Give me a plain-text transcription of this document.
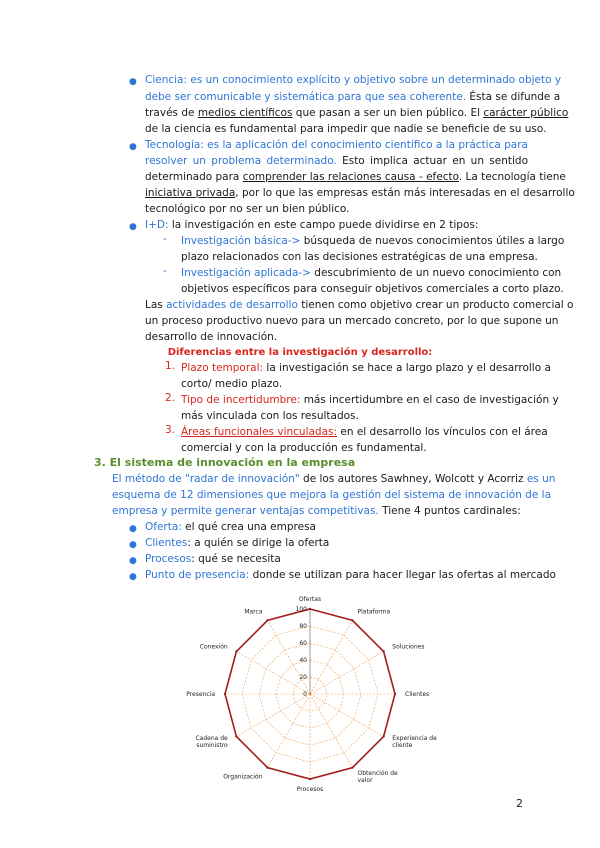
● Ciencia: es un conocimiento explícito y objetivo sobre un determinado objeto y
debe ser comunicable y sistemática para que sea coherente. Ésta se difunde a
través de medios científicos que pasan a ser un bien público. El carácter público
de la ciencia es fundamental para impedir que nadie se beneficie de su uso.
● Tecnología: es la aplicación del conocimiento científico a la práctica para
resolver un problema determinado. Esto implica actuar en un sentido
determinado para comprender las relaciones causa - efecto. La tecnología tiene
iniciativa privada, por lo que las empresas están más interesadas en el desarrollo
tecnológico por no ser un bien público.
● I+D: la investigación en este campo puede dividirse en 2 tipos:
- Investigación básica-> búsqueda de nuevos conocimientos útiles a largo
plazo relacionados con las decisiones estratégicas de una empresa.
- Investigación aplicada-> descubrimiento de un nuevo conocimiento con
objetivos específicos para conseguir objetivos comerciales a corto plazo.
Las actividades de desarrollo tienen como objetivo crear un producto comercial o
un proceso productivo nuevo para un mercado concreto, por lo que supone un
desarrollo de innovación.
Diferencias entre la investigación y desarrollo:
1. Plazo temporal: la investigación se hace a largo plazo y el desarrollo a
corto/ medio plazo.
2. Tipo de incertidumbre: más incertidumbre en el caso de investigación y
más vinculada con los resultados.
3. Áreas funcionales vinculadas: en el desarrollo los vínculos con el área
comercial y con la producción es fundamental.
3. El sistema de innovación en la empresa
El método de "radar de innovación" de los autores Sawhney, Wolcott y Acorriz es un
esquema de 12 dimensiones que mejora la gestión del sistema de innovación de la
empresa y permite generar ventajas competitivas. Tiene 4 puntos cardinales:
● Oferta: el qué crea una empresa
● Clientes: a quién se dirige la oferta
● Procesos: qué se necesita
● Punto de presencia: donde se utilizan para hacer llegar las ofertas al mercado
0
20
40
60
80
100
Ofertas
Plataforma
Soluciones
Clientes
Experiencia de cliente
Obtención de valor
Procesos
Organización
Cadena de suministro
Presencia
Conexión
Marca
2
